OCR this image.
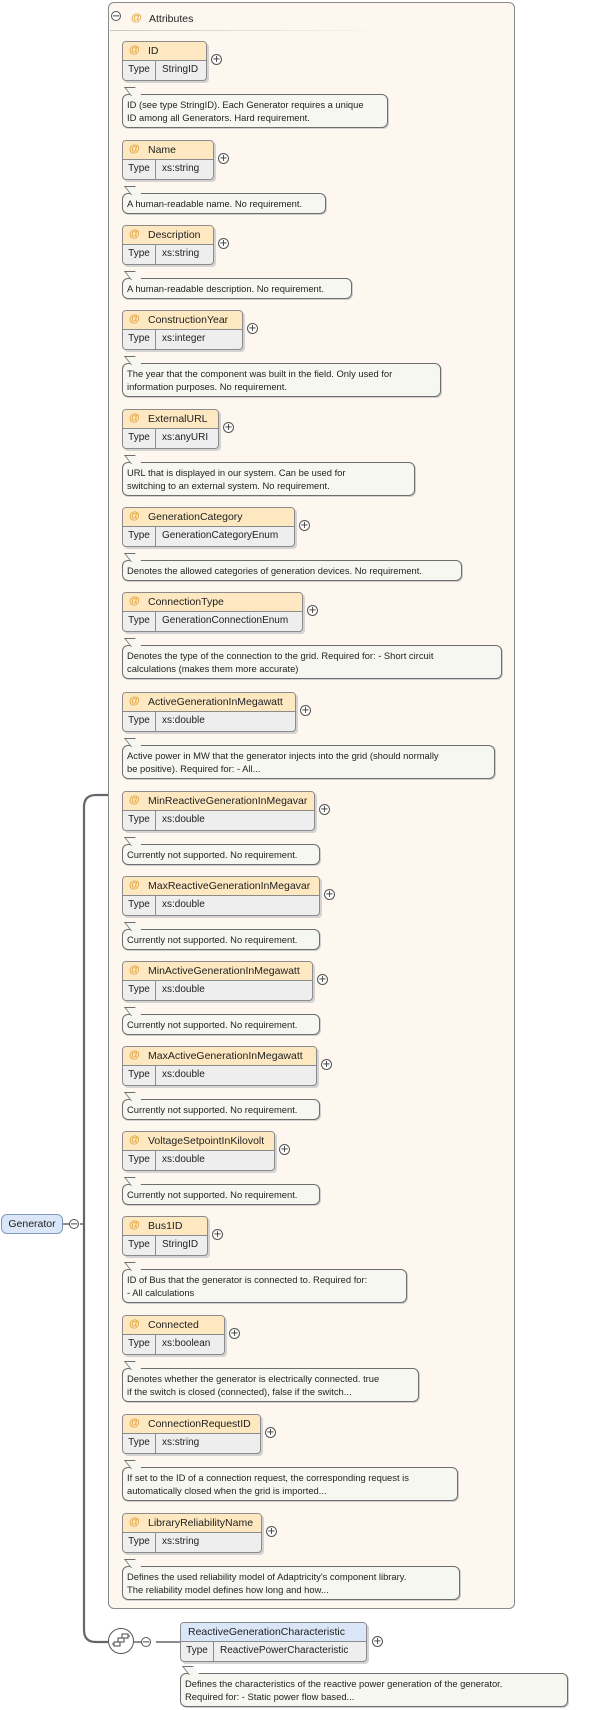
Generator	−
− @ Attributes
@ ID
Type	StringID
+
ID (see type StringID). Each Generator requires a unique
ID among all Generators. Hard requirement.
@ Name
Type	xs:string
+
A human-readable name. No requirement.
@ Description
Type	xs:string
+
A human-readable description. No requirement.
@ ConstructionYear
Type	xs:integer
+
The year that the component was built in the field. Only used for
information purposes. No requirement.
@ ExternalURL
Type	xs:anyURI
+
URL that is displayed in our system. Can be used for
switching to an external system. No requirement.
@ GenerationCategory
Type	GenerationCategoryEnum
+
Denotes the allowed categories of generation devices. No requirement.
@ ConnectionType
Type	GenerationConnectionEnum
+
Denotes the type of the connection to the grid. Required for: - Short circuit
calculations (makes them more accurate)
@ ActiveGenerationInMegawatt
Type	xs:double
+
Active power in MW that the generator injects into the grid (should normally
be positive). Required for: - All...
@ MinReactiveGenerationInMegavar
Type	xs:double
+
Currently not supported. No requirement.
@ MaxReactiveGenerationInMegavar
Type	xs:double
+
Currently not supported. No requirement.
@ MinActiveGenerationInMegawatt
Type	xs:double
+
Currently not supported. No requirement.
@ MaxActiveGenerationInMegawatt
Type	xs:double
+
Currently not supported. No requirement.
@ VoltageSetpointInKilovolt
Type	xs:double
+
Currently not supported. No requirement.
@ Bus1ID
Type	StringID
+
ID of Bus that the generator is connected to. Required for:
- All calculations
@ Connected
Type	xs:boolean
+
Denotes whether the generator is electrically connected. true
if the switch is closed (connected), false if the switch...
@ ConnectionRequestID
Type	xs:string
+
If set to the ID of a connection request, the corresponding request is
automatically closed when the grid is imported...
@ LibraryReliabilityName
Type	xs:string
+
Defines the used reliability model of Adaptricity's component library.
The reliability model defines how long and how...
−
ReactiveGenerationCharacteristic
Type	ReactivePowerCharacteristic
+
Defines the characteristics of the reactive power generation of the generator.
Required for: - Static power flow based...
